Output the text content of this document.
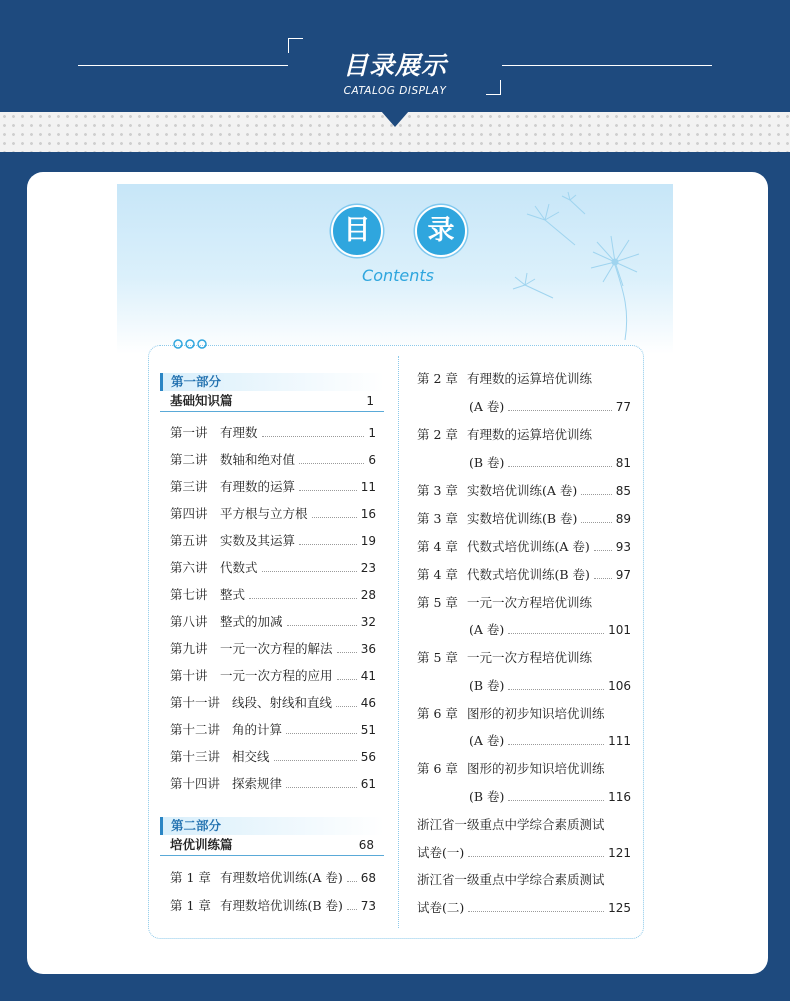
目录展示
CATALOG DISPLAY
目	录
Contents
第一部分
基础知识篇	1
第一讲 有理数	1
第二讲 数轴和绝对值	6
第三讲 有理数的运算	11
第四讲 平方根与立方根	16
第五讲 实数及其运算	19
第六讲 代数式	23
第七讲 整式	28
第八讲 整式的加减	32
第九讲 一元一次方程的解法 36
第十讲 一元一次方程的应用 41
第十一讲 线段、射线和直线 46
第十二讲 角的计算	51
第十三讲 相交线	56
第十四讲 探索规律	61
第二部分
培优训练篇	68
第 1 章 有理数培优训练(A 卷) 68
第 1 章 有理数培优训练(B 卷) 73
第 2 章 有理数的运算培优训练
(A 卷)	77
第 2 章 有理数的运算培优训练
(B 卷)	81
第 3 章 实数培优训练(A 卷)	85
第 3 章 实数培优训练(B 卷)	89
第 4 章 代数式培优训练(A 卷) 93
第 4 章 代数式培优训练(B 卷) 97
第 5 章 一元一次方程培优训练
(A 卷)	101
第 5 章 一元一次方程培优训练
(B 卷)	106
第 6 章 图形的初步知识培优训练
(A 卷)	111
第 6 章 图形的初步知识培优训练
(B 卷)	116
浙江省一级重点中学综合素质测试
试卷(一)	121
浙江省一级重点中学综合素质测试
试卷(二)	125
